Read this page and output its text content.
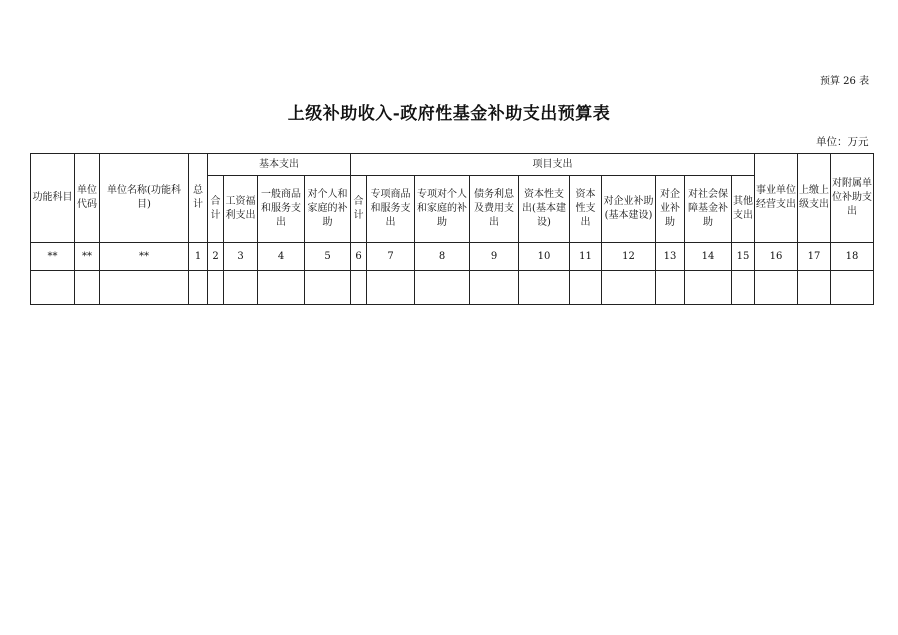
预算 26 表
上级补助收入-政府性基金补助支出预算表
单位：万元
功能科目	单位代码	单位名称(功能科目)	总计	基本支出				项目支出										事业单位经营支出	上缴上级支出	对附属单位补助支出
				合计	工资福利支出	一般商品和服务支出	对个人和家庭的补助	合计	专项商品和服务支出	专项对个人和家庭的补助	债务利息及费用支出	资本性支出(基本建设)	资本性支出	对企业补助(基本建设)	对企业补助	对社会保障基金补助	其他支出			
**	**	**	1	2	3	4	5	6	7	8	9	10	11	12	13	14	15	16	17	18
